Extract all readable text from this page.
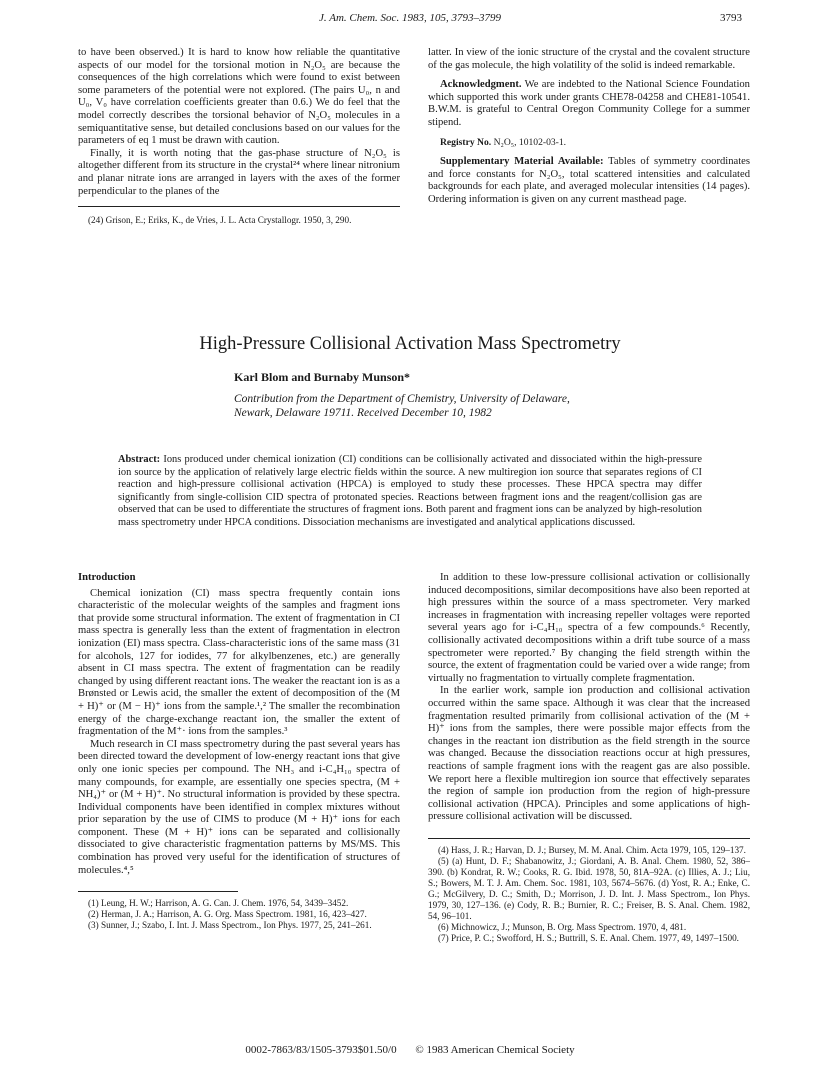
J. Am. Chem. Soc. 1983, 105, 3793–3799	3793

to have been observed.) It is hard to know how reliable the quantitative aspects of our model for the torsional motion in N₂O₅ are because the consequences of the high correlations which were found to exist between some parameters of the potential were not explored. (The pairs U₀, n and U₀, V₀ have correlation coefficients greater than 0.6.) We do feel that the model correctly describes the torsional behavior of N₂O₅ molecules in a semiquantitative sense, but detailed conclusions based on our values for the parameters of eq 1 must be drawn with caution.

Finally, it is worth noting that the gas-phase structure of N₂O₅ is altogether different from its structure in the crystal²⁴ where linear nitronium and planar nitrate ions are arranged in layers with the axes of the former perpendicular to the planes of the

(24) Grison, E.; Eriks, K., de Vries, J. L. Acta Crystallogr. 1950, 3, 290.

latter. In view of the ionic structure of the crystal and the covalent structure of the gas molecule, the high volatility of the solid is indeed remarkable.

Acknowledgment. We are indebted to the National Science Foundation which supported this work under grants CHE78-04258 and CHE81-10541. B.W.M. is grateful to Central Oregon Community College for a summer stipend.

Registry No. N₂O₅, 10102-03-1.

Supplementary Material Available: Tables of symmetry coordinates and force constants for N₂O₅, total scattered intensities and calculated backgrounds for each plate, and averaged molecular intensities (14 pages). Ordering information is given on any current masthead page.

High-Pressure Collisional Activation Mass Spectrometry
Karl Blom and Burnaby Munson*
Contribution from the Department of Chemistry, University of Delaware,
Newark, Delaware 19711. Received December 10, 1982
Abstract: Ions produced under chemical ionization (CI) conditions can be collisionally activated and dissociated within the high-pressure ion source by the application of relatively large electric fields within the source. A new multiregion ion source that separates regions of CI reaction and high-pressure collisional activation (HPCA) is employed to study these processes. These HPCA spectra may differ significantly from single-collision CID spectra of protonated species. Reactions between fragment ions and the reagent/collision gas are observed that can be used to differentiate the structures of fragment ions. Both parent and fragment ions can be analyzed by high-resolution mass spectrometry under HPCA conditions. Dissociation mechanisms are investigated and analytical applications discussed.

Introduction

Chemical ionization (CI) mass spectra frequently contain ions characteristic of the molecular weights of the samples and fragment ions that provide some structural information. The extent of fragmentation in CI mass spectra is generally less than the extent of fragmentation in electron ionization (EI) mass spectra. Class-characteristic ions of the same mass (31 for alcohols, 127 for iodides, 77 for alkylbenzenes, etc.) are generally absent in CI mass spectra. The extent of fragmentation can be readily changed by using different reactant ions. The weaker the reactant ion is as a Brønsted or Lewis acid, the smaller the extent of decomposition of the (M + H)⁺ or (M − H)⁺ ions from the sample.¹,² The smaller the recombination energy of the charge-exchange reactant ion, the smaller the extent of fragmentation of the M⁺· ions from the samples.³

Much research in CI mass spectrometry during the past several years has been directed toward the development of low-energy reactant ions that give only one ionic species per compound. The NH₃ and i-C₄H₁₀ spectra of many compounds, for example, are essentially one species spectra, (M + NH₄)⁺ or (M + H)⁺. No structural information is provided by these spectra. Individual components have been identified in complex mixtures without prior separation by the use of CIMS to produce (M + H)⁺ ions for each component. These (M + H)⁺ ions can be separated and collisionally dissociated to give characteristic fragmentation patterns by MS/MS. This combination has proved very useful for the identification of structures of molecules.⁴,⁵

(1) Leung, H. W.; Harrison, A. G. Can. J. Chem. 1976, 54, 3439–3452.

(2) Herman, J. A.; Harrison, A. G. Org. Mass Spectrom. 1981, 16, 423–427.

(3) Sunner, J.; Szabo, I. Int. J. Mass Spectrom., Ion Phys. 1977, 25, 241–261.

In addition to these low-pressure collisional activation or collisionally induced decompositions, similar decompositions have also been reported at high pressures within the source of a mass spectrometer. Very marked increases in fragmentation with increasing repeller voltages were reported several years ago for i-C₄H₁₀ spectra of a few compounds.⁶ Recently, collisionally activated decompositions within a drift tube source of a mass spectrometer were reported.⁷ By changing the field strength within the source, the extent of fragmentation could be varied over a wide range; from virtually no fragmentation to virtually complete fragmentation.

In the earlier work, sample ion production and collisional activation occurred within the same space. Although it was clear that the increased fragmentation resulted primarily from collisional activation of the (M + H)⁺ ions from the samples, there were possible major effects from the changes in the reactant ion distribution as the field strength in the source was changed. Because the dissociation reactions occur at high pressures, reactions of sample fragment ions with the reagent gas are also possible. We report here a flexible multiregion ion source that effectively separates the region of sample ion production from the region of high-pressure collisional activation (HPCA). Principles and some applications of high-pressure collisional activation will be discussed.

(4) Hass, J. R.; Harvan, D. J.; Bursey, M. M. Anal. Chim. Acta 1979, 105, 129–137.

(5) (a) Hunt, D. F.; Shabanowitz, J.; Giordani, A. B. Anal. Chem. 1980, 52, 386–390. (b) Kondrat, R. W.; Cooks, R. G. Ibid. 1978, 50, 81A–92A. (c) Illies, A. J.; Liu, S.; Bowers, M. T. J. Am. Chem. Soc. 1981, 103, 5674–5676. (d) Yost, R. A.; Enke, C. G.; McGilvery, D. C.; Smith, D.; Morrison, J. D. Int. J. Mass Spectrom., Ion Phys. 1979, 30, 127–136. (e) Cody, R. B.; Burnier, R. C.; Freiser, B. S. Anal. Chem. 1982, 54, 96–101.

(6) Michnowicz, J.; Munson, B. Org. Mass Spectrom. 1970, 4, 481.

(7) Price, P. C.; Swofford, H. S.; Buttrill, S. E. Anal. Chem. 1977, 49, 1497–1500.

0002-7863/83/1505-3793$01.50/0 © 1983 American Chemical Society
